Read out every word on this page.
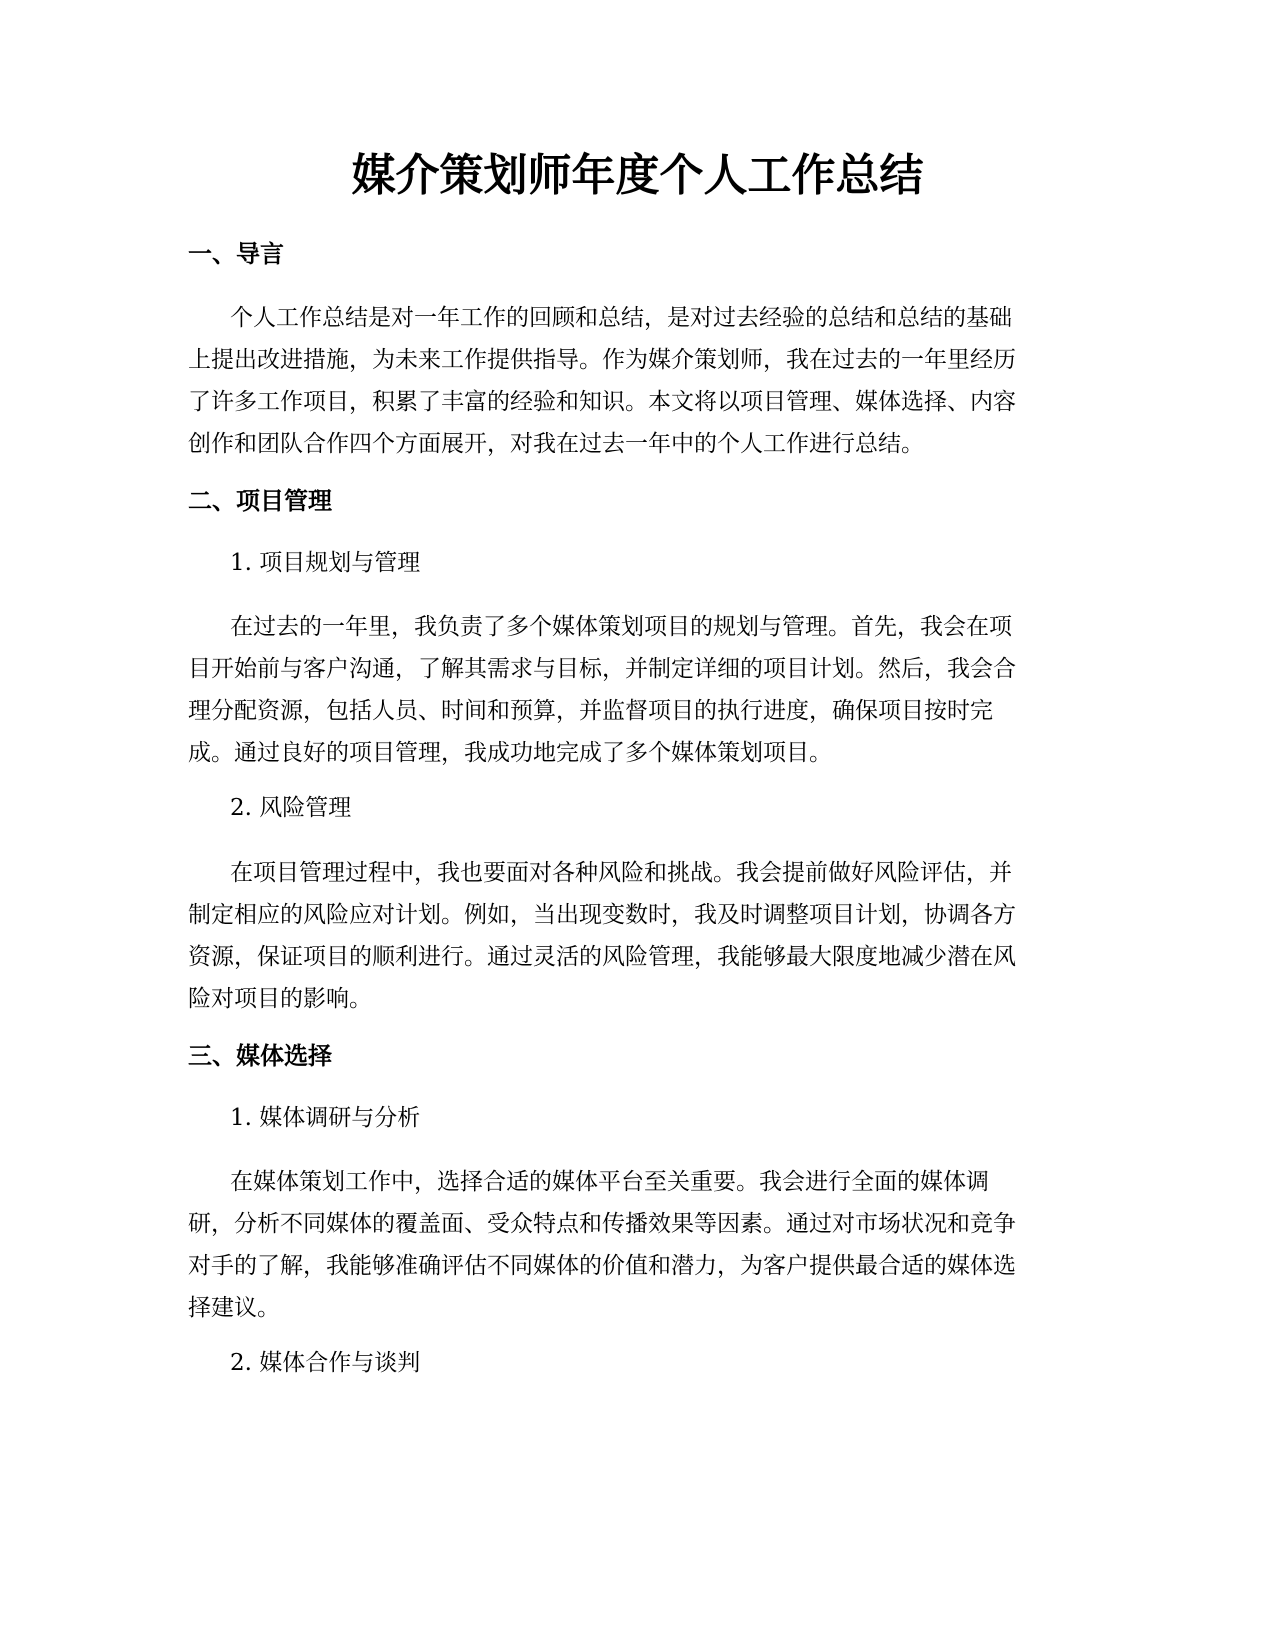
媒介策划师年度个人工作总结
一、导言
个人工作总结是对一年工作的回顾和总结，是对过去经验的总结和总结的基础
上提出改进措施，为未来工作提供指导。作为媒介策划师，我在过去的一年里经历
了许多工作项目，积累了丰富的经验和知识。本文将以项目管理、媒体选择、内容
创作和团队合作四个方面展开，对我在过去一年中的个人工作进行总结。
二、项目管理
1. 项目规划与管理
在过去的一年里，我负责了多个媒体策划项目的规划与管理。首先，我会在项
目开始前与客户沟通，了解其需求与目标，并制定详细的项目计划。然后，我会合
理分配资源，包括人员、时间和预算，并监督项目的执行进度，确保项目按时完
成。通过良好的项目管理，我成功地完成了多个媒体策划项目。
2. 风险管理
在项目管理过程中，我也要面对各种风险和挑战。我会提前做好风险评估，并
制定相应的风险应对计划。例如，当出现变数时，我及时调整项目计划，协调各方
资源，保证项目的顺利进行。通过灵活的风险管理，我能够最大限度地减少潜在风
险对项目的影响。
三、媒体选择
1. 媒体调研与分析
在媒体策划工作中，选择合适的媒体平台至关重要。我会进行全面的媒体调
研，分析不同媒体的覆盖面、受众特点和传播效果等因素。通过对市场状况和竞争
对手的了解，我能够准确评估不同媒体的价值和潜力，为客户提供最合适的媒体选
择建议。
2. 媒体合作与谈判
